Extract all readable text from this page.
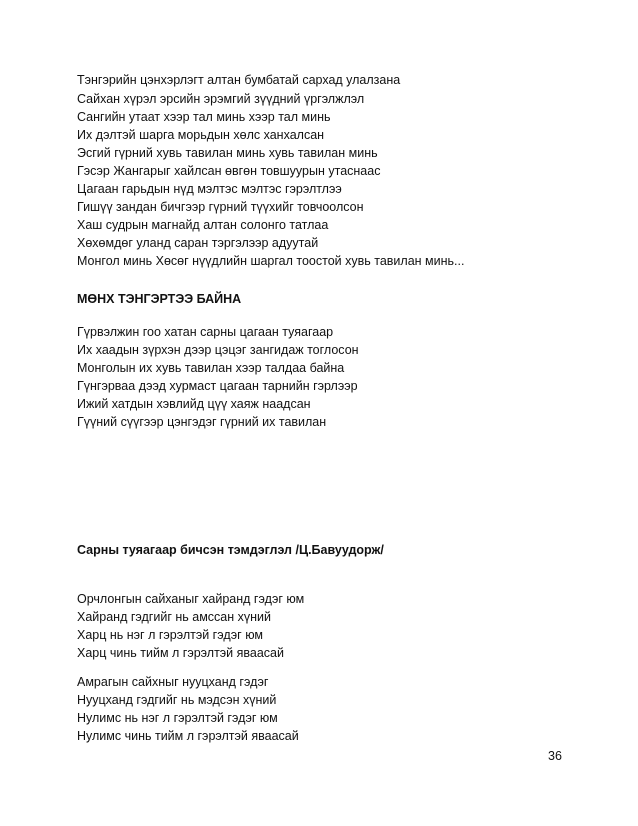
Тэнгэрийн цэнхэрлэгт алтан бумбатай сархад улалзана
Сайхан хүрэл эрсийн эрэмгий зүүдний үргэлжлэл
Сангийн утаат хээр тал минь хээр тал минь
Их дэлтэй шарга морьдын хөлс ханхалсан
Эсгий гүрний хувь тавилан минь хувь тавилан минь
Гэсэр Жангарыг хайлсан өвгөн товшуурын утаснаас
Цагаан гарьдын нүд мэлтэс мэлтэс гэрэлтлээ
Гишүү зандан бичгээр гүрний түүхийг товчоолсон
Хаш судрын магнайд алтан солонго татлаа
Хөхөмдөг уланд саран тэргэлээр адуутай
Монгол минь Хөсөг нүүдлийн шаргал тоостой хувь тавилан минь...
МӨНХ ТЭНГЭРТЭЭ БАЙНА
Гүрвэлжин гоо хатан сарны цагаан туяагаар
Их хаадын зүрхэн дээр цэцэг зангидаж тоглосон
Монголын их хувь тавилан хээр талдаа байна
Гүнгэрваа дээд хурмаст цагаан тарнийн гэрлээр
Ижий хатдын хэвлийд цүү хаяж наадсан
Гүүний сүүгээр цэнгэдэг гүрний их тавилан
Сарны туяагаар бичсэн тэмдэглэл /Ц.Бавуудорж/
Орчлонгын сайханыг хайранд гэдэг юм
Хайранд гэдгийг нь амссан хүний
Харц нь нэг л гэрэлтэй гэдэг юм
Харц чинь тийм л гэрэлтэй яваасай
Амрагын сайхныг нууцханд гэдэг
Нууцханд гэдгийг нь мэдсэн хүний
Нулимс нь нэг л гэрэлтэй гэдэг юм
Нулимс чинь тийм л гэрэлтэй яваасай
36
